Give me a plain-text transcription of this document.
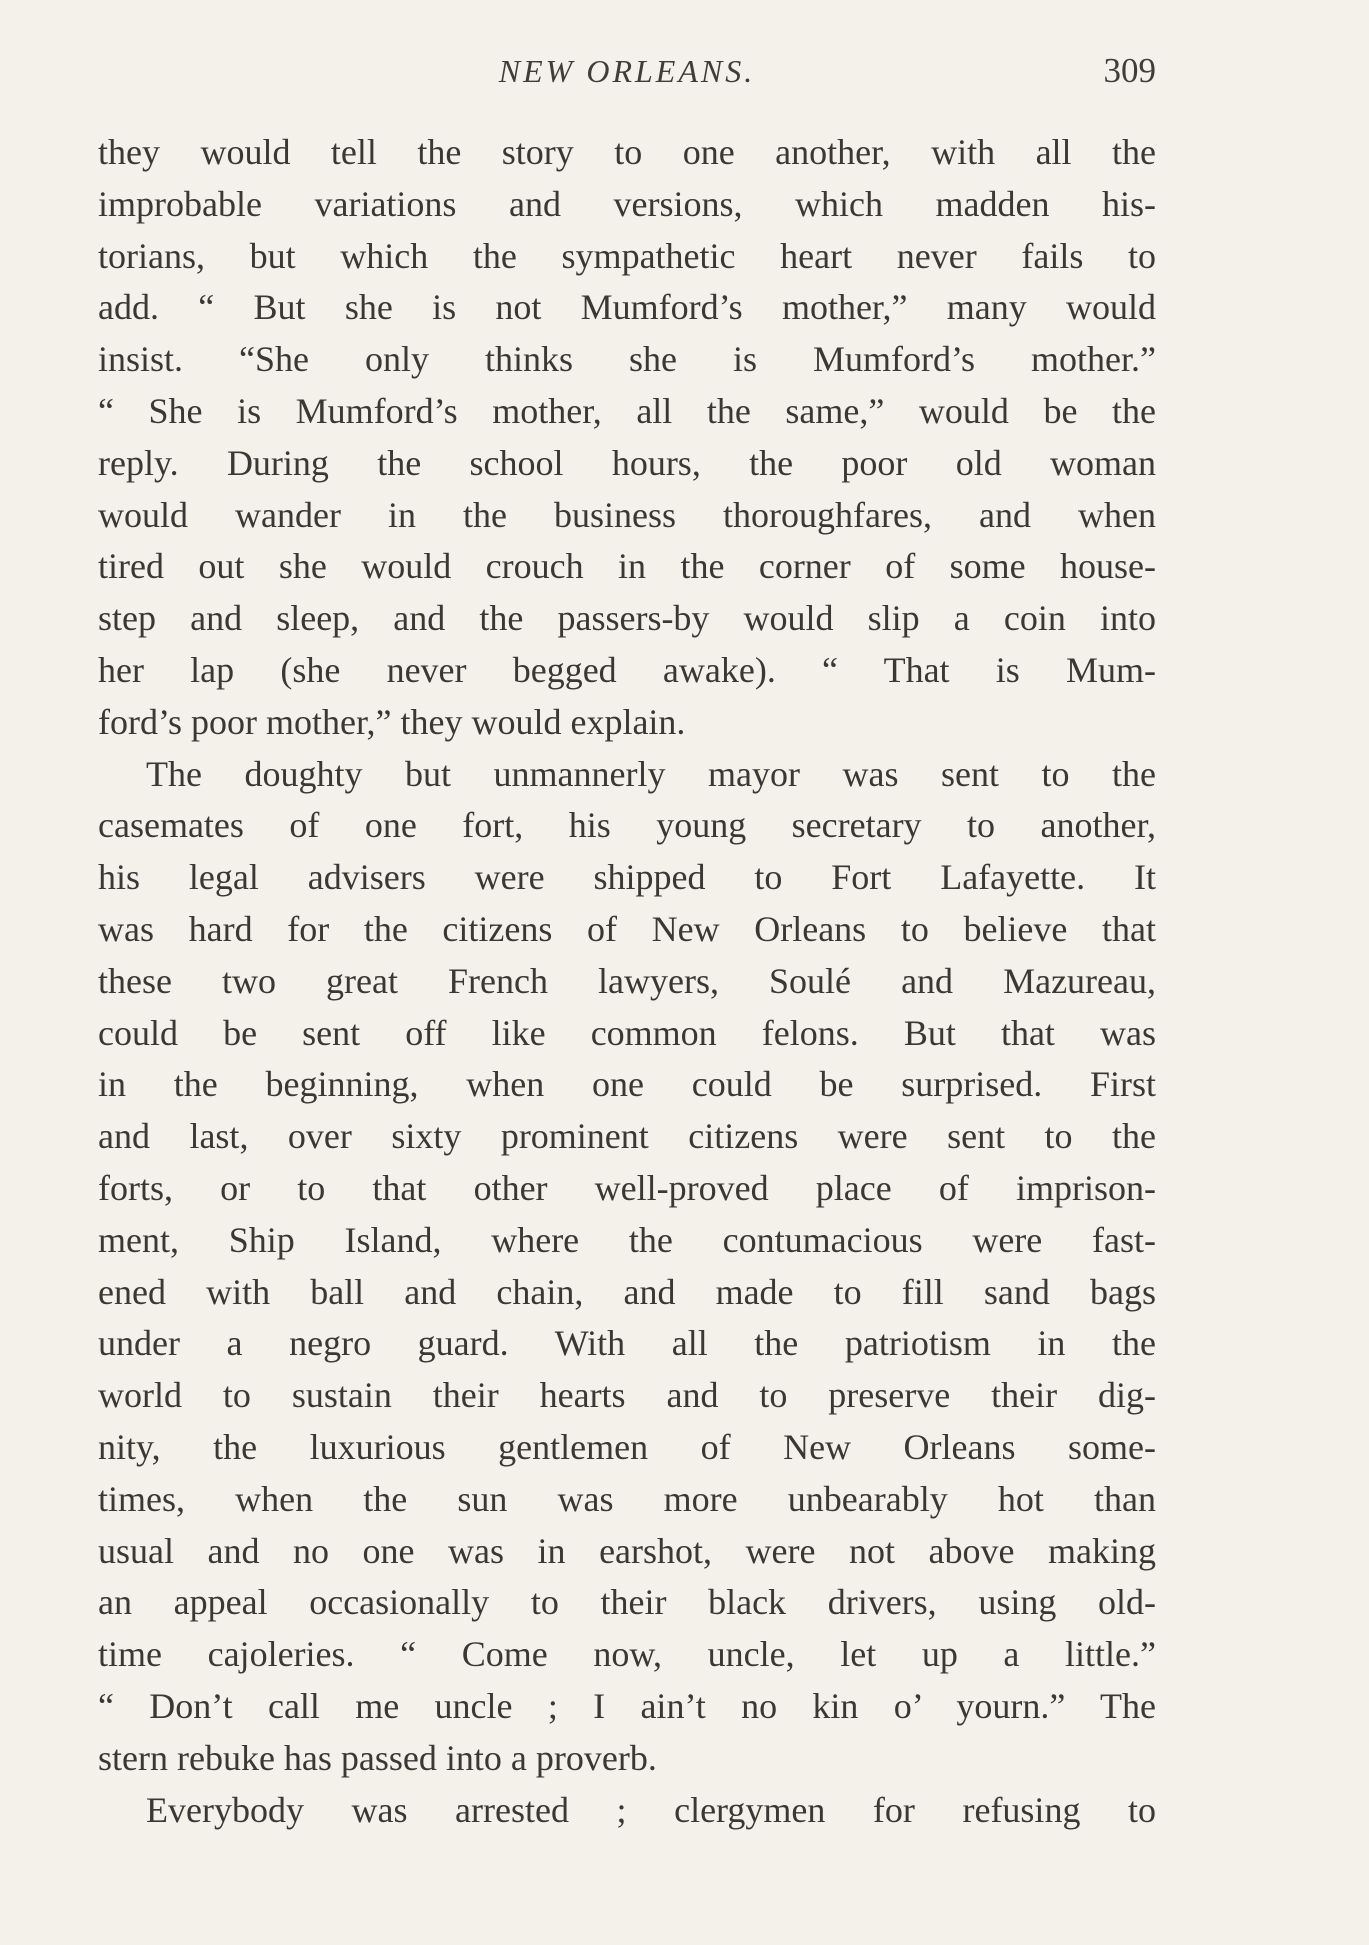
NEW ORLEANS.	309
they would tell the story to one another, with all the
improbable variations and versions, which madden his-
torians, but which the sympathetic heart never fails to
add. “ But she is not Mumford’s mother,” many would
insist. “She only thinks she is Mumford’s mother.”
“ She is Mumford’s mother, all the same,” would be the
reply. During the school hours, the poor old woman
would wander in the business thoroughfares, and when
tired out she would crouch in the corner of some house-
step and sleep, and the passers-by would slip a coin into
her lap (she never begged awake). “ That is Mum-
ford’s poor mother,” they would explain.
The doughty but unmannerly mayor was sent to the
casemates of one fort, his young secretary to another,
his legal advisers were shipped to Fort Lafayette. It
was hard for the citizens of New Orleans to believe that
these two great French lawyers, Soulé and Mazureau,
could be sent off like common felons. But that was
in the beginning, when one could be surprised. First
and last, over sixty prominent citizens were sent to the
forts, or to that other well-proved place of imprison-
ment, Ship Island, where the contumacious were fast-
ened with ball and chain, and made to fill sand bags
under a negro guard. With all the patriotism in the
world to sustain their hearts and to preserve their dig-
nity, the luxurious gentlemen of New Orleans some-
times, when the sun was more unbearably hot than
usual and no one was in earshot, were not above making
an appeal occasionally to their black drivers, using old-
time cajoleries. “ Come now, uncle, let up a little.”
“ Don’t call me uncle ; I ain’t no kin o’ yourn.” The
stern rebuke has passed into a proverb.
Everybody was arrested ; clergymen for refusing to
